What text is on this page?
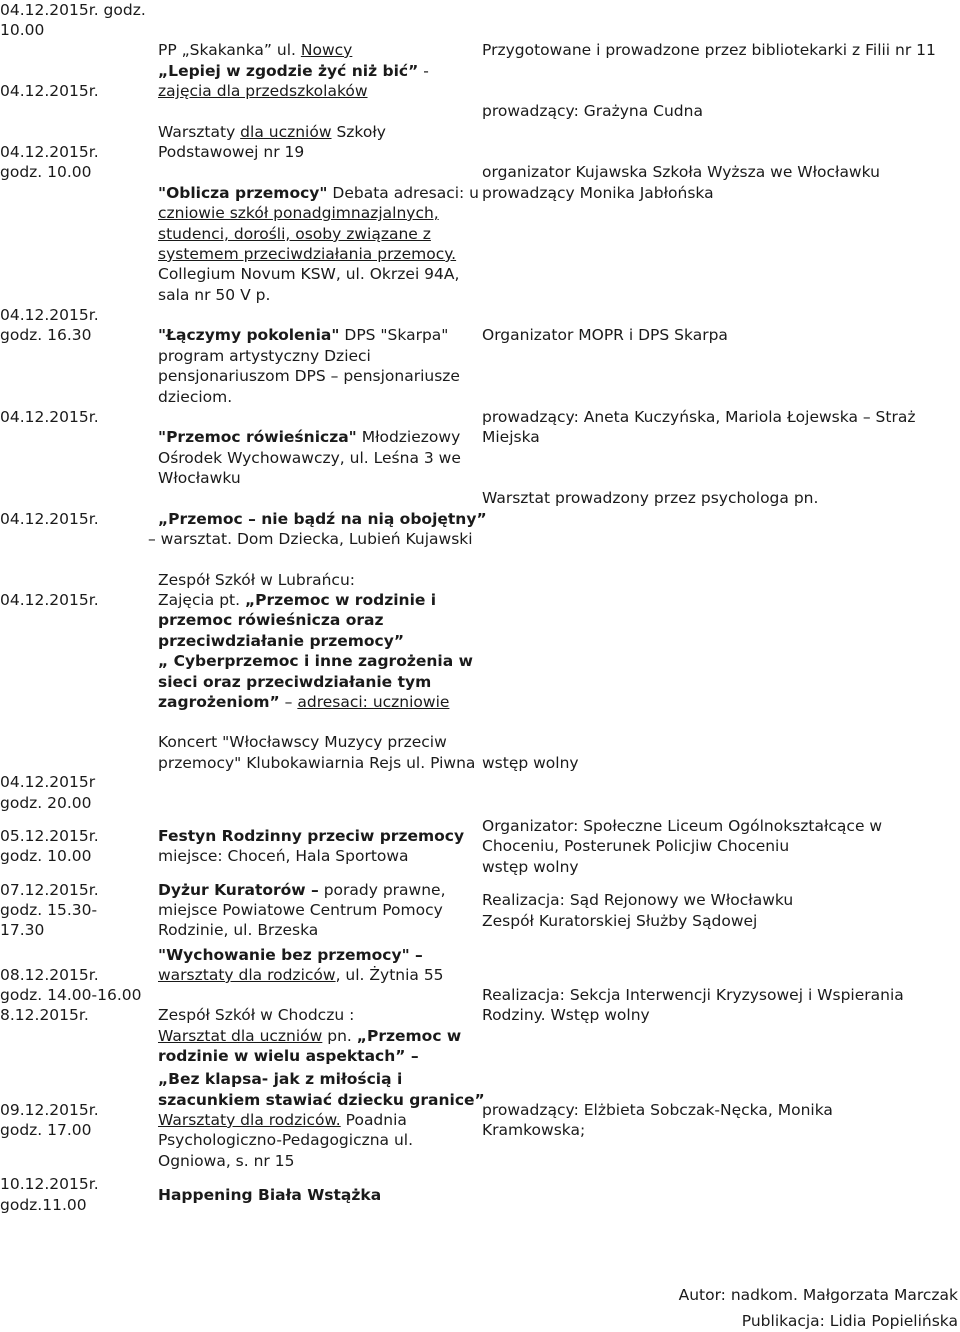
04.12.2015r. godz.
10.00
04.12.2015r.
04.12.2015r.
godz. 10.00
04.12.2015r.
godz. 16.30
04.12.2015r.
04.12.2015r.
04.12.2015r.
04.12.2015r
godz. 20.00
05.12.2015r.
godz. 10.00
07.12.2015r.
godz. 15.30-
17.30
08.12.2015r.
godz. 14.00-16.00
8.12.2015r.
09.12.2015r.
godz. 17.00
10.12.2015r.
godz.11.00
PP „Skakanka” ul. Nowcy
„Lepiej w zgodzie żyć niż bić” -
zajęcia dla przedszkolaków
Warsztaty dla uczniów Szkoły
Podstawowej nr 19
"Oblicza przemocy" Debata adresaci: u
czniowie szkół ponadgimnazjalnych,
studenci, dorośli, osoby związane z
systemem przeciwdziałania przemocy.
Collegium Novum KSW, ul. Okrzei 94A,
sala nr 50 V p.
"Łączymy pokolenia" DPS "Skarpa"
program artystyczny Dzieci
pensjonariuszom DPS – pensjonariusze
dzieciom.
"Przemoc rówieśnicza" Młodziezowy
Ośrodek Wychowawczy, ul. Leśna 3 we
Włocławku
„Przemoc – nie bądź na nią obojętny”
– warsztat. Dom Dziecka, Lubień Kujawski
Zespół Szkół w Lubrańcu:
Zajęcia pt. „Przemoc w rodzinie i
przemoc rówieśnicza oraz
przeciwdziałanie przemocy”
„ Cyberprzemoc i inne zagrożenia w
sieci oraz przeciwdziałanie tym
zagrożeniom” – adresaci: uczniowie
Koncert "Włocławscy Muzycy przeciw
przemocy" Klubokawiarnia Rejs ul. Piwna
Festyn Rodzinny przeciw przemocy
miejsce: Choceń, Hala Sportowa
Dyżur Kuratorów – porady prawne,
miejsce Powiatowe Centrum Pomocy
Rodzinie, ul. Brzeska
"Wychowanie bez przemocy" –
warsztaty dla rodziców, ul. Żytnia 55
Zespół Szkół w Chodczu :
Warsztat dla uczniów pn. „Przemoc w
rodzinie w wielu aspektach” –
„Bez klapsa- jak z miłością i
szacunkiem stawiać dziecku granice”
Warsztaty dla rodziców. Poadnia
Psychologiczno-Pedagogiczna ul.
Ogniowa, s. nr 15
Happening Biała Wstążka
Przygotowane i prowadzone przez bibliotekarki z Filii nr 11
prowadzący: Grażyna Cudna
organizator Kujawska Szkoła Wyższa we Włocławku
prowadzący Monika Jabłońska
Organizator MOPR i DPS Skarpa
prowadzący: Aneta Kuczyńska, Mariola Łojewska – Straż
Miejska
Warsztat prowadzony przez psychologa pn.
wstęp wolny
Organizator: Społeczne Liceum Ogólnokształcące w
Choceniu, Posterunek Policjiw Choceniu
wstęp wolny
Realizacja: Sąd Rejonowy we Włocławku
Zespół Kuratorskiej Służby Sądowej
Realizacja: Sekcja Interwencji Kryzysowej i Wspierania
Rodziny. Wstęp wolny
prowadzący: Elżbieta Sobczak-Nęcka, Monika
Kramkowska;
Autor: nadkom. Małgorzata Marczak
Publikacja: Lidia Popielińska
